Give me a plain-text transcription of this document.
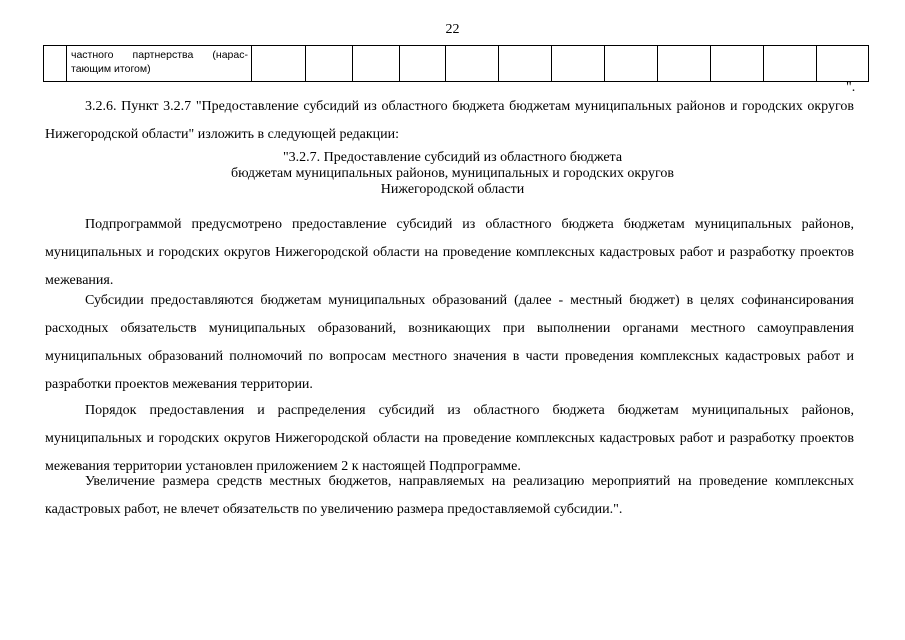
22

частного партнерства (нарас-
тающим итогом)

".

3.2.6. Пункт 3.2.7 "Предоставление субсидий из областного бюджета бюджетам муниципальных районов и городских округов Нижегородской области" изложить в следующей редакции:

"3.2.7. Предоставление субсидий из областного бюджета
бюджетам муниципальных районов, муниципальных и городских округов
Нижегородской области

Подпрограммой предусмотрено предоставление субсидий из областного бюджета бюджетам муниципальных районов, муниципальных и городских округов Нижегородской области на проведение комплексных кадастровых работ и разработку проектов межевания.

Субсидии предоставляются бюджетам муниципальных образований (далее - местный бюджет) в целях софинансирования расходных обязательств муниципальных образований, возникающих при выполнении органами местного самоуправления муниципальных образований полномочий по вопросам местного значения в части проведения комплексных кадастровых работ и разработки проектов межевания территории.

Порядок предоставления и распределения субсидий из областного бюджета бюджетам муниципальных районов, муниципальных и городских округов Нижегородской области на проведение комплексных кадастровых работ и разработку проектов межевания территории установлен приложением 2 к настоящей Подпрограмме.

Увеличение размера средств местных бюджетов, направляемых на реализацию мероприятий на проведение комплексных кадастровых работ, не влечет обязательств по увеличению размера предоставляемой субсидии.".
